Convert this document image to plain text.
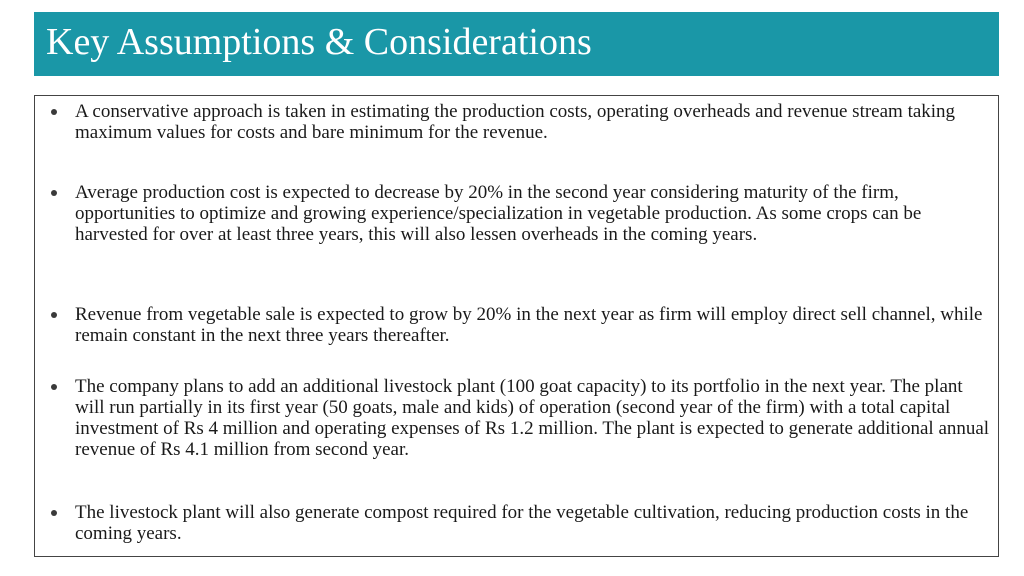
Key Assumptions & Considerations

A conservative approach is taken in estimating the production costs, operating overheads and revenue stream taking maximum values for costs and bare minimum for the revenue.

Average production cost is expected to decrease by 20% in the second year considering maturity of the firm, opportunities to optimize and growing experience/specialization in vegetable production. As some crops can be harvested for over at least three years, this will also lessen overheads in the coming years.

Revenue from vegetable sale is expected to grow by 20% in the next year as firm will employ direct sell channel, while remain constant in the next three years thereafter.

The company plans to add an additional livestock plant (100 goat capacity) to its portfolio in the next year. The plant will run partially in its first year (50 goats, male and kids) of operation (second year of the firm) with a total capital investment of Rs 4 million and operating expenses of Rs 1.2 million. The plant is expected to generate additional annual revenue of Rs 4.1 million from second year.

The livestock plant will also generate compost required for the vegetable cultivation, reducing production costs in the coming years.
